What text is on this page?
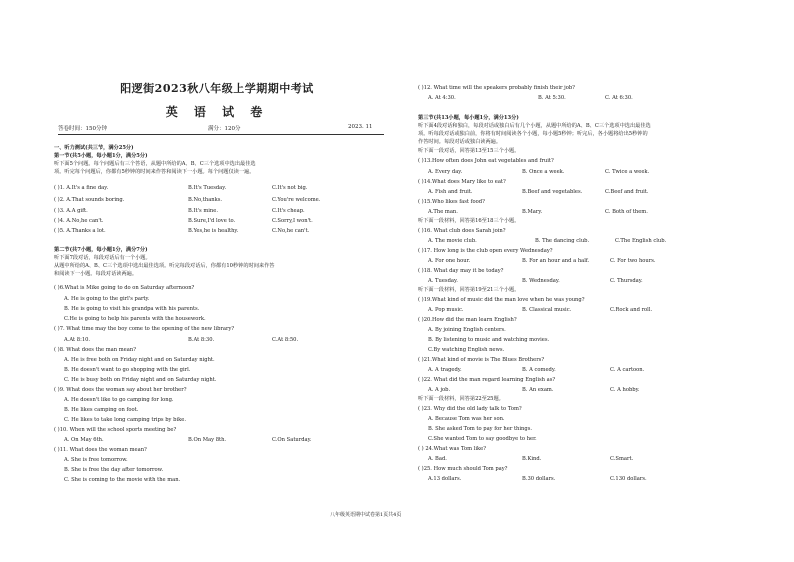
阳逻街2023秋八年级上学期期中考试
英 语 试 卷
答卷时间：150分钟	满分：120分	2023. 11
一、听力测试(共三节，满分25分)
第一节(共5小题，每小题1分，满分5分)
听下面5个问题。每个问题后有三个答语，从题中所给的A、B、C三个选项中选出最佳选
项。听完每个问题后，你都有5秒钟的时间来作答和阅读下一小题。每个问题仅读一遍。
( )1. A.It's a fine day.	B.It's Tuesday.	C.It's not big.
( )2. A.That sounds boring.	B.No,thanks.	C.You're welcome.
( )3. A.A gift.	B.It's mine.	C.It's cheap.
( )4. A.No,he can't.	B.Sure,I'd love to.	C.Sorry,I won't.
( )5. A.Thanks a lot.	B.Yes,he is healthy.	C.No,he can't.
第二节(共7小题，每小题1分，满分7分)
听下面7段对话，每段对话后有一个小题。
从题中所给的A、B、C三个选项中选出最佳选项。听完每段对话后，你都有10秒钟的时间来作答
和阅读下一小题。每段对话读两遍。
( )6.What is Mike going to do on Saturday afternoon?
A. He is going to the girl's party.
B. He is going to visit his grandpa with his parents.
C.He is going to help his parents with the housework.
( )7. What time may the boy come to the opening of the new library?
A.At 8:10.	B.At 8:30.	C.At 8:50.
( )8. What does the man mean?
A. He is free both on Friday night and on Saturday night.
B. He doesn't want to go shopping with the girl.
C. He is busy both on Friday night and on Saturday night.
( )9. What does the woman say about her brother?
A. He doesn't like to go camping for long.
B. He likes camping on foot.
C. He likes to take long camping trips by bike.
( )10. When will the school sports meeting be?
A. On May 6th.	B.On May 8th.	C.On Saturday.
( )11. What does the woman mean?
A. She is free tomorrow.
B. She is free the day after tomorrow.
C. She is coming to the movie with the man.
( )12. What time will the speakers probably finish their job?
A. At 4:30.	B. At 5:30.	C. At 6:30.
第三节(共13小题，每小题1分，满分13分)
听下面4段对话和独白，每段对话或独白后有几个小题，从题中所给的A、B、C三个选项中选出最佳选
项。听每段对话或独白前，你将有时间阅读各个小题，每小题5秒钟；听完后，各小题将给出5秒钟的
作答时间。每段对话或独白读两遍。
听下面一段对话，回答第13至15三个小题。
( )13.How often does John eat vegetables and fruit?
A. Every day.	B. Once a week.	C. Twice a week.
( )14.What does Mary like to eat?
A. Fish and fruit.	B.Beef and vegetables.	C.Beef and fruit.
( )15.Who likes fast food?
A.The man.	B.Mary.	C. Both of them.
听下面一段材料，回答第16至18三个小题。
( )16. What club does Sarah join?
A. The movie club.	B. The dancing club.	C.The English club.
( )17. How long is the club open every Wednesday?
A. For one hour.	B. For an hour and a half.	C. For two hours.
( )18. What day may it be today?
A. Tuesday.	B. Wednesday.	C. Thursday.
听下面一段材料，回答第19至21三个小题。
( )19.What kind of music did the man love when he was young?
A. Pop music.	B. Classical music.	C.Rock and roll.
( )20.How did the man learn English?
A. By joining English centers.
B. By listening to music and watching movies.
C.By watching English news.
( )21.What kind of movie is The Blues Brothers?
A. A tragedy.	B. A comedy.	C. A cartoon.
( )22. What did the man regard learning English as?
A. A job.	B. An exam.	C. A hobby.
听下面一段材料，回答第22至25题。
( )23. Why did the old lady talk to Tom?
A. Because Tom was her son.
B. She asked Tom to pay for her things.
C.She wanted Tom to say goodbye to her.
( ) 24.What was Tom like?
A. Bad.	B.Kind.	C.Smart.
( )25. How much should Tom pay?
A.13 dollars.	B.30 dollars.	C.130 dollars.
八年级英语期中试卷第1页共4页
